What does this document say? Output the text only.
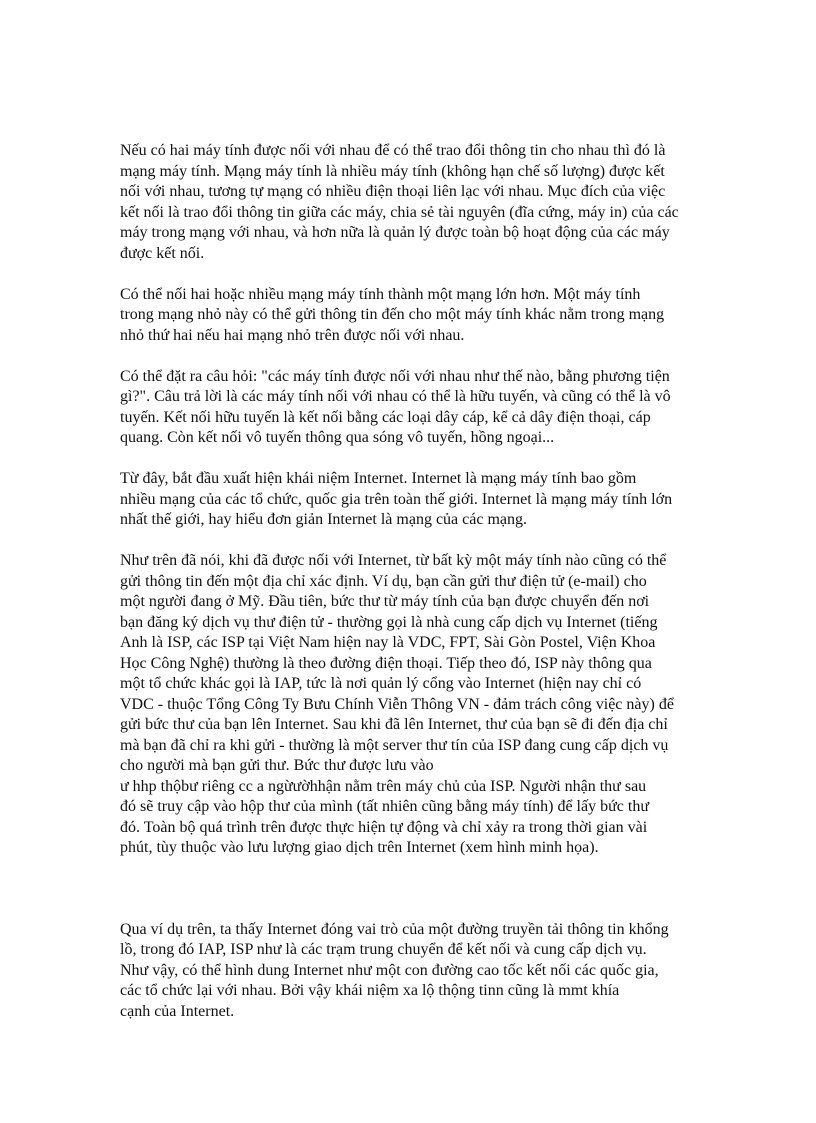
Nếu có hai máy tính được nối với nhau để có thể trao đổi thông tin cho nhau thì đó là
mạng máy tính. Mạng máy tính là nhiều máy tính (không hạn chế số lượng) được kết
nối với nhau, tương tự mạng có nhiều điện thoại liên lạc với nhau. Mục đích của việc
kết nối là trao đổi thông tin giữa các máy, chia sẻ tài nguyên (đĩa cứng, máy in) của các
máy trong mạng với nhau, và hơn nữa là quản lý được toàn bộ hoạt động của các máy
được kết nối.

Có thể nối hai hoặc nhiều mạng máy tính thành một mạng lớn hơn. Một máy tính
trong mạng nhỏ này có thể gửi thông tin đến cho một máy tính khác nằm trong mạng
nhỏ thứ hai nếu hai mạng nhỏ trên được nối với nhau.

Có thể đặt ra câu hỏi: "các máy tính được nối với nhau như thế nào, bằng phương tiện
gì?". Câu trả lời là các máy tính nối với nhau có thể là hữu tuyến, và cũng có thể là vô
tuyến. Kết nối hữu tuyến là kết nối bằng các loại dây cáp, kể cả dây điện thoại, cáp
quang. Còn kết nối vô tuyến thông qua sóng vô tuyến, hồng ngoại...

Từ đây, bắt đầu xuất hiện khái niệm Internet. Internet là mạng máy tính bao gồm
nhiều mạng của các tổ chức, quốc gia trên toàn thế giới. Internet là mạng máy tính lớn
nhất thế giới, hay hiểu đơn giản Internet là mạng của các mạng.

Như trên đã nói, khi đã được nối với Internet, từ bất kỳ một máy tính nào cũng có thể
gửi thông tin đến một địa chỉ xác định. Ví dụ, bạn cần gửi thư điện tử (e-mail) cho
một người đang ở Mỹ. Đầu tiên, bức thư từ máy tính của bạn được chuyển đến nơi
bạn đăng ký dịch vụ thư điện tử - thường gọi là nhà cung cấp dịch vụ Internet (tiếng
Anh là ISP, các ISP tại Việt Nam hiện nay là VDC, FPT, Sài Gòn Postel, Viện Khoa
Học Công Nghệ) thường là theo đường điện thoại. Tiếp theo đó, ISP này thông qua
một tổ chức khác gọi là IAP, tức là nơi quản lý cổng vào Internet (hiện nay chỉ có
VDC - thuộc Tổng Công Ty Bưu Chính Viễn Thông VN - đảm trách công việc này) để
gửi bức thư của bạn lên Internet. Sau khi đã lên Internet, thư của bạn sẽ đi đến địa chỉ
mà bạn đã chỉ ra khi gửi - thường là một server thư tín của ISP đang cung cấp dịch vụ
cho người mà bạn gửi thư. Bức thư được lưu vào
ư hhp thộbư riêng cc a ngừườhhận nằm trên máy chủ của ISP. Người nhận thư sau
đó sẽ truy cập vào hộp thư của mình (tất nhiên cũng bằng máy tính) để lấy bức thư
đó. Toàn bộ quá trình trên được thực hiện tự động và chỉ xảy ra trong thời gian vài
phút, tùy thuộc vào lưu lượng giao dịch trên Internet (xem hình minh họa).

Qua ví dụ trên, ta thấy Internet đóng vai trò của một đường truyền tải thông tin khổng
lồ, trong đó IAP, ISP như là các trạm trung chuyển để kết nối và cung cấp dịch vụ.
Như vậy, có thể hình dung Internet như một con đường cao tốc kết nối các quốc gia,
các tổ chức lại với nhau. Bởi vậy khái niệm xa lộ thộng tinn cũng là mmt khía
cạnh của Internet.
